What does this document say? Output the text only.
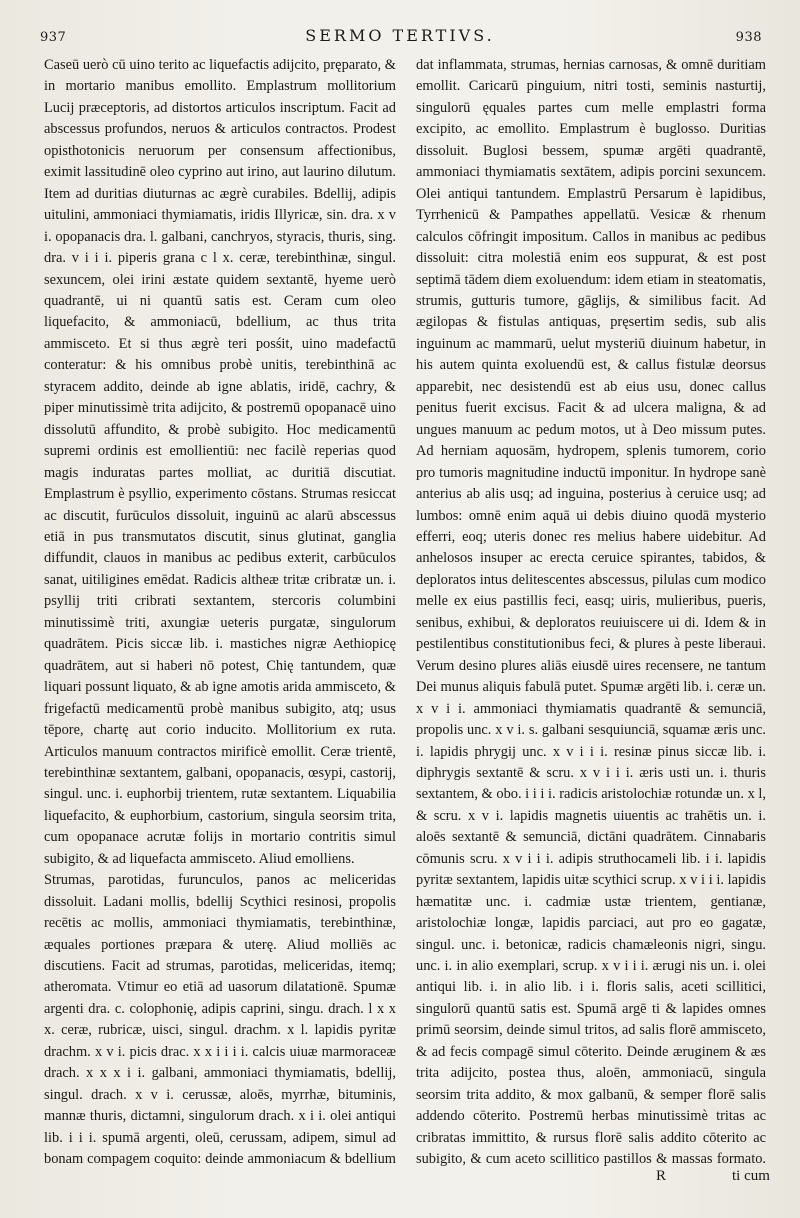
937	SERMO TERTIVS.	938

Caseū uerò cū uino terito ac liquefactis adijcito, pręparato, & in mortario manibus emollito. Emplastrum mollitorium Lucij præceptoris, ad distortos articulos inscriptum. Facit ad abscessus profundos, neruos & articulos contractos. Prodest opisthotonicis neruorum per consensum affectionibus, eximit lassitudinē oleo cyprino aut irino, aut laurino dilutum. Item ad duritias diuturnas ac ægrè curabiles. Bdellij, adipis uitulini, ammoniaci thymiamatis, iridis Illyricæ, sin. dra. x v i. opopanacis dra. l. galbani, canchryos, styracis, thuris, sing. dra. v i i i. piperis grana c l x. ceræ, terebinthinæ, singul. sexuncem, olei irini æstate quidem sextantē, hyeme uerò quadrantē, ui ni quantū satis est. Ceram cum oleo liquefacito, & ammoniacū, bdellium, ac thus trita ammisceto. Et si thus ægrè teri posśit, uino madefactū conteratur: & his omnibus probè unitis, terebinthinā ac styracem addito, deinde ab igne ablatis, iridē, cachry, & piper minutissimè trita adijcito, & postremū opopanacē uino dissolutū affundito, & probè subigito. Hoc medicamentū supremi ordinis est emollientiū: nec facilè reperias quod magis induratas partes molliat, ac duritiā discutiat. Emplastrum è psyllio, experimento cōstans. Strumas resiccat ac discutit, furūculos dissoluit, inguinū ac alarū abscessus etiā in pus transmutatos discutit, sinus glutinat, ganglia diffundit, clauos in manibus ac pedibus exterit, carbūculos sanat, uitiligines emēdat. Radicis altheæ tritæ cribratæ un. i. psyllij triti cribrati sextantem, stercoris columbini minutissimè triti, axungiæ ueteris purgatæ, singulorum quadrātem. Picis siccæ lib. i. mastiches nigræ Aethiopicę quadrātem, aut si haberi nō potest, Chię tantundem, quæ liquari possunt liquato, & ab igne amotis arida ammisceto, & frigefactū medicamentū probè manibus subigito, atq; usus tēpore, chartę aut corio inducito. Mollitorium ex ruta. Articulos manuum contractos mirificè emollit. Ceræ trientē, terebinthinæ sextantem, galbani, opopanacis, œsypi, castorij, singul. unc. i. euphorbij trientem, rutæ sextantem. Liquabilia liquefacito, & euphorbium, castorium, singula seorsim trita, cum opopanace acrutæ folijs in mortario contritis simul subigito, & ad liquefacta ammisceto. Aliud emolliens.

Strumas, parotidas, furunculos, panos ac meliceridas dissoluit. Ladani mollis, bdellij Scythici resinosi, propolis recētis ac mollis, ammoniaci thymiamatis, terebinthinæ, æquales portiones præpara & uterę. Aliud molliēs ac discutiens. Facit ad strumas, parotidas, meliceridas, itemq; atheromata. Vtimur eo etiā ad uasorum dilatationē. Spumæ argenti dra. c. colophonię, adipis caprini, singu. drach. l x x x. ceræ, rubricæ, uisci, singul. drachm. x l. lapidis pyritæ drachm. x v i. picis drac. x x i i i i. calcis uiuæ marmoraceæ drach. x x x i i. galbani, ammoniaci thymiamatis, bdellij, singul. drach. x v i. cerussæ, aloēs, myrrhæ, bituminis, mannæ thuris, dictamni, singulorum drach. x i i. olei antiqui lib. i i i. spumā argenti, oleū, cerussam, adipem, simul ad bonam compagem coquito: deinde ammoniacum & bdellium

dat inflammata, strumas, hernias carnosas, & omnē duritiam emollit. Caricarū pinguium, nitri tosti, seminis nasturtij, singulorū ęquales partes cum melle emplastri forma excipito, ac emollito. Emplastrum è buglosso. Duritias dissoluit. Buglosi bessem, spumæ argēti quadrantē, ammoniaci thymiamatis sextātem, adipis porcini sexuncem. Olei antiqui tantundem. Emplastrū Persarum è lapidibus, Tyrrhenicū & Pampathes appellatū. Vesicæ & rhenum calculos cōfringit impositum. Callos in manibus ac pedibus dissoluit: citra molestiā enim eos suppurat, & est post septimā tādem diem exoluendum: idem etiam in steatomatis, strumis, gutturis tumore, gāglijs, & similibus facit. Ad ægilopas & fistulas antiquas, pręsertim sedis, sub alis inguinum ac mammarū, uelut mysteriū diuinum habetur, in his autem quinta exoluendū est, & callus fistulæ deorsus apparebit, nec desistendū est ab eius usu, donec callus penitus fuerit excisus. Facit & ad ulcera maligna, & ad ungues manuum ac pedum motos, ut à Deo missum putes. Ad herniam aquosām, hydropem, splenis tumorem, corio pro tumoris magnitudine inductū imponitur. In hydrope sanè anterius ab alis usq; ad inguina, posterius à ceruice usq; ad lumbos: omnē enim aquā ui debis diuino quodā mysterio efferri, eoq; uteris donec res melius habere uidebitur. Ad anhelosos insuper ac erecta ceruice spirantes, tabidos, & deploratos intus delitescentes abscessus, pilulas cum modico melle ex eius pastillis feci, easq; uiris, mulieribus, pueris, senibus, exhibui, & deploratos reuiuiscere ui di. Idem & in pestilentibus constitutionibus feci, & plures à peste liberaui. Verum desino plures aliās eiusdē uires recensere, ne tantum Dei munus aliquis fabulā putet. Spumæ argēti lib. i. ceræ un. x v i i. ammoniaci thymiamatis quadrantē & semunciā, propolis unc. x v i. s. galbani sesquiunciā, squamæ æris unc. i. lapidis phrygij unc. x v i i i. resinæ pinus siccæ lib. i. diphrygis sextantē & scru. x v i i i. æris usti un. i. thuris sextantem, & obo. i i i i. radicis aristolochiæ rotundæ un. x l, & scru. x v i. lapidis magnetis uiuentis ac trahētis un. i. aloēs sextantē & semunciā, dictāni quadrātem. Cinnabaris cōmunis scru. x v i i i. adipis struthocameli lib. i i. lapidis pyritæ sextantem, lapidis uitæ scythici scrup. x v i i i. lapidis hæmatitæ unc. i. cadmiæ ustæ trientem, gentianæ, aristolochiæ longæ, lapidis parciaci, aut pro eo gagatæ, singul. unc. i. betonicæ, radicis chamæleonis nigri, singu. unc. i. in alio exemplari, scrup. x v i i i. ærugi nis un. i. olei antiqui lib. i. in alio lib. i i. floris salis, aceti scillitici, singulorū quantū satis est. Spumā argē ti & lapides omnes primū seorsim, deinde simul tritos, ad salis florē ammisceto, & ad fecis compagē simul cōterito. Deinde æruginem & æs trita adijcito, postea thus, aloēn, ammoniacū, singula seorsim trita addito, & mox galbanū, & semper florē salis addendo cōterito. Postremū herbas minutissimè tritas ac cribratas immittito, & rursus florē salis addito cōterito ac subigito, & cum aceto scillitico pastillos & massas formato.

R	ti cum
